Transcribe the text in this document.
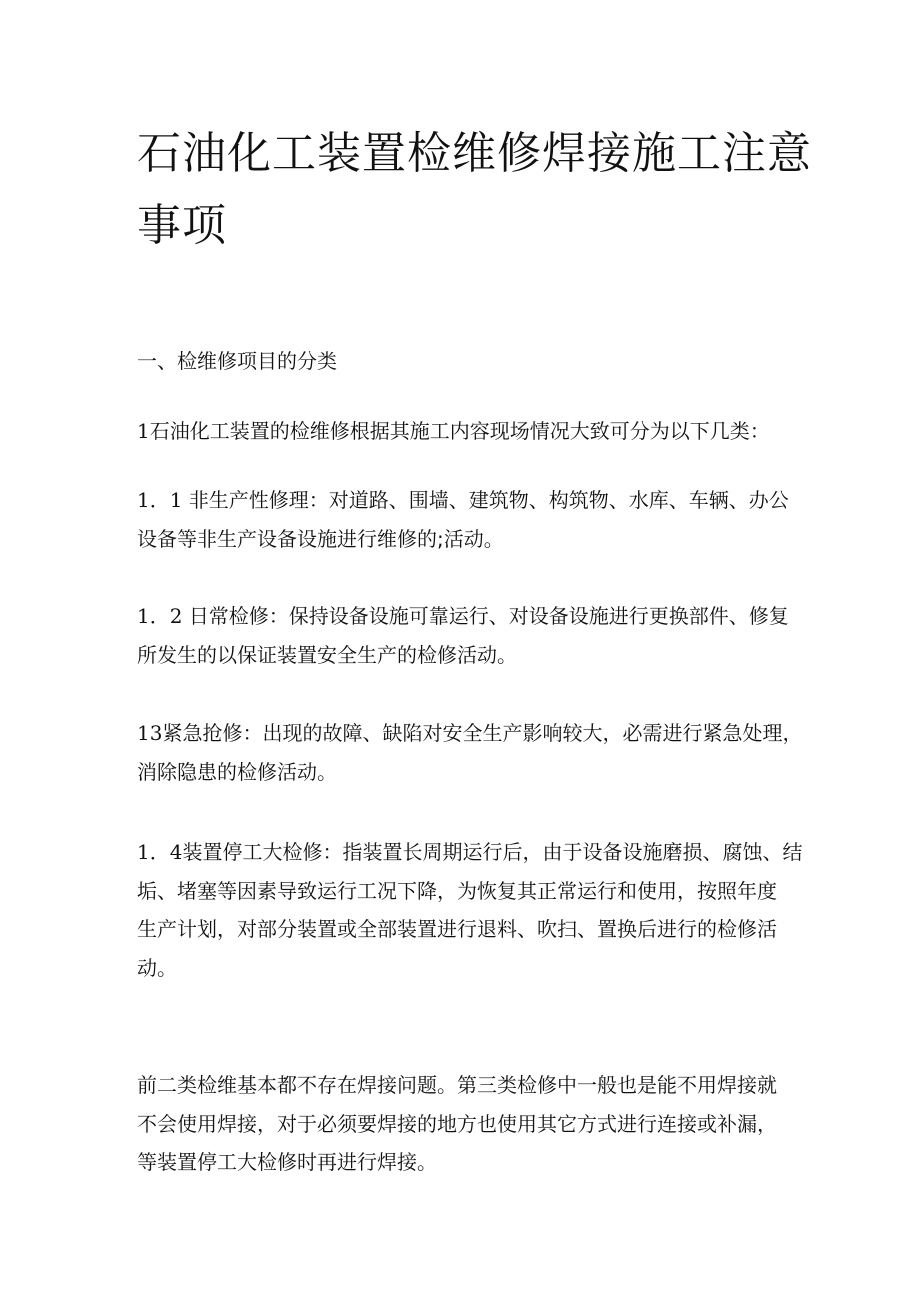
石油化工装置检维修焊接施工注意
事项
一、检维修项目的分类

1石油化工装置的检维修根据其施工内容现场情况大致可分为以下几类：

1．1 非生产性修理：对道路、围墙、建筑物、构筑物、水库、车辆、办公
设备等非生产设备设施进行维修的;活动。

1．2 日常检修：保持设备设施可靠运行、对设备设施进行更换部件、修复
所发生的以保证装置安全生产的检修活动。

13紧急抢修：出现的故障、缺陷对安全生产影响较大，必需进行紧急处理，
消除隐患的检修活动。

1．4装置停工大检修：指装置长周期运行后，由于设备设施磨损、腐蚀、结
垢、堵塞等因素导致运行工况下降，为恢复其正常运行和使用，按照年度
生产计划，对部分装置或全部装置进行退料、吹扫、置换后进行的检修活
动。

前二类检维基本都不存在焊接问题。第三类检修中一般也是能不用焊接就
不会使用焊接，对于必须要焊接的地方也使用其它方式进行连接或补漏，
等装置停工大检修时再进行焊接。
